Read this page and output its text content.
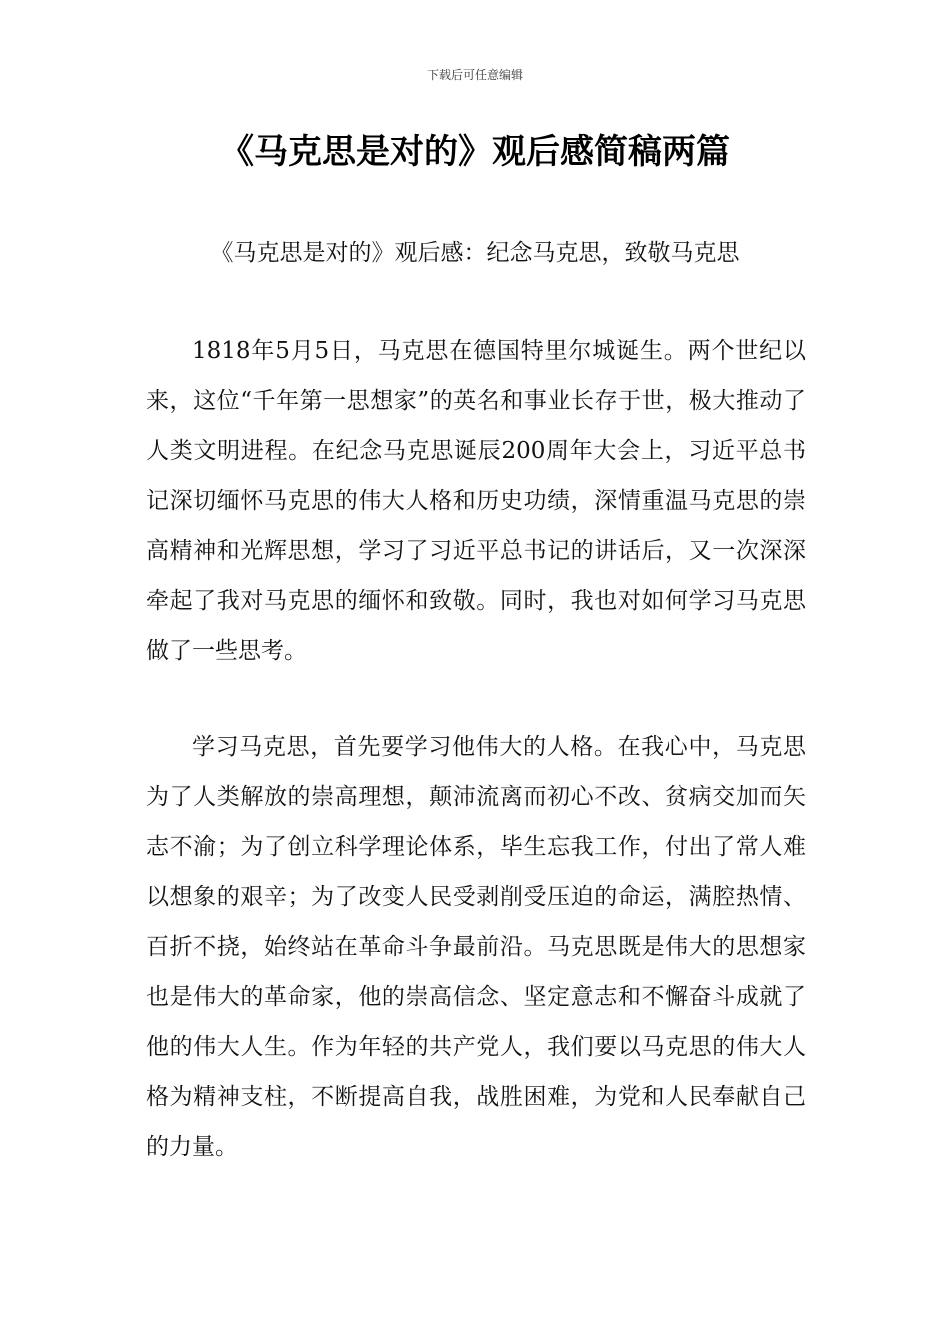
下载后可任意编辑
《马克思是对的》观后感简稿两篇
《马克思是对的》观后感：纪念马克思，致敬马克思

1818年5月5日，马克思在德国特里尔城诞生。两个世纪以来，这位“千年第一思想家”的英名和事业长存于世，极大推动了人类文明进程。在纪念马克思诞辰200周年大会上，习近平总书记深切缅怀马克思的伟大人格和历史功绩，深情重温马克思的崇高精神和光辉思想，学习了习近平总书记的讲话后，又一次深深牵起了我对马克思的缅怀和致敬。同时，我也对如何学习马克思做了一些思考。

学习马克思，首先要学习他伟大的人格。在我心中，马克思为了人类解放的崇高理想，颠沛流离而初心不改、贫病交加而矢志不渝；为了创立科学理论体系，毕生忘我工作，付出了常人难以想象的艰辛；为了改变人民受剥削受压迫的命运，满腔热情、百折不挠，始终站在革命斗争最前沿。马克思既是伟大的思想家也是伟大的革命家，他的崇高信念、坚定意志和不懈奋斗成就了他的伟大人生。作为年轻的共产党人，我们要以马克思的伟大人格为精神支柱，不断提高自我，战胜困难，为党和人民奉献自己的力量。
